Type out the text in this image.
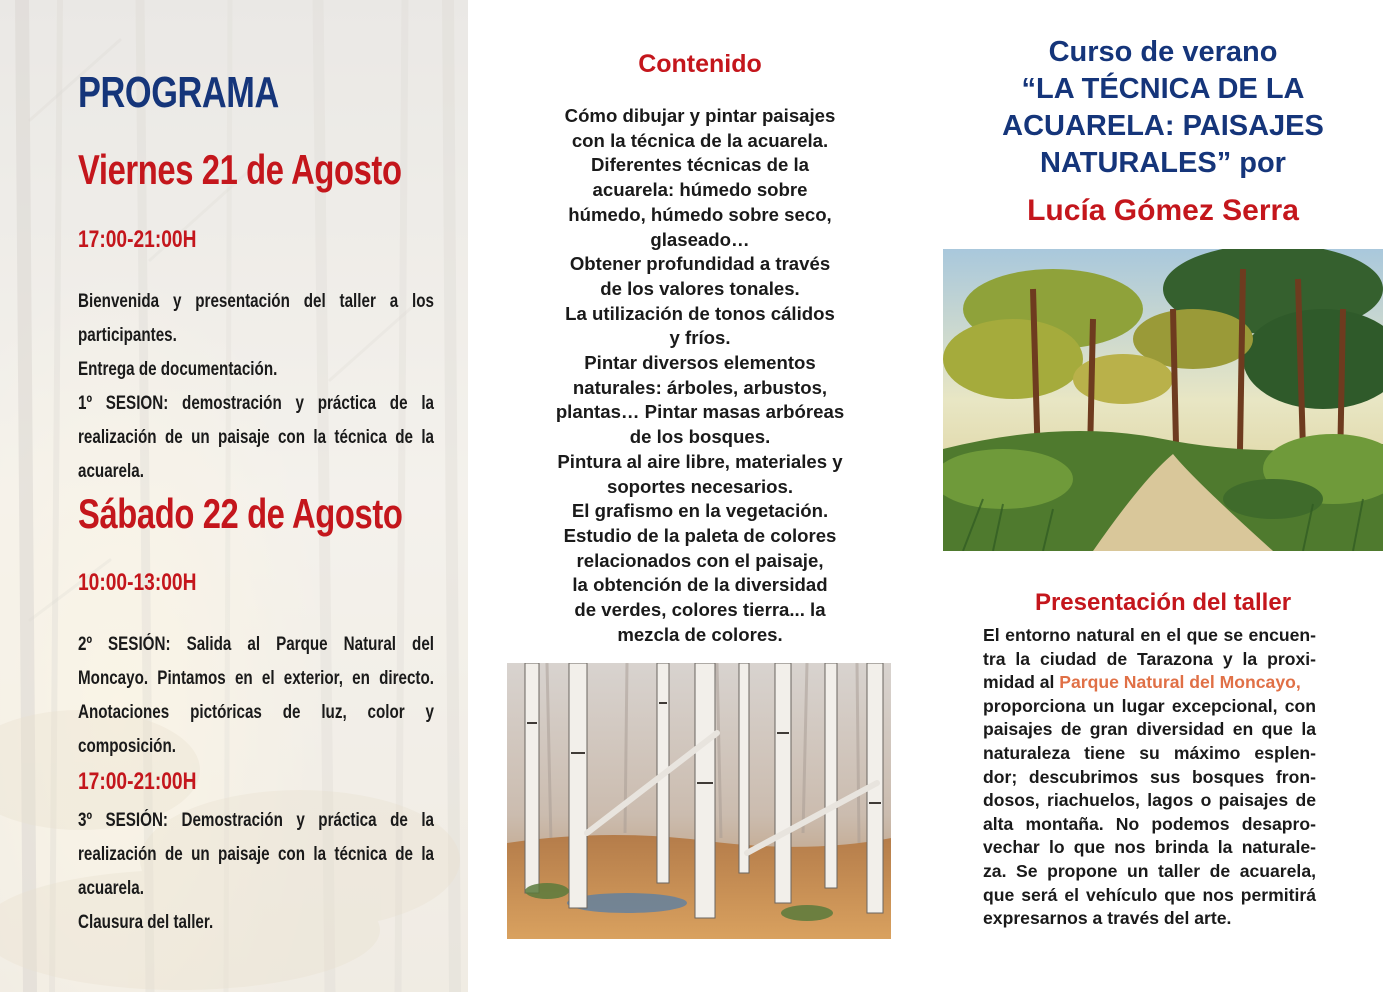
PROGRAMA
Viernes 21 de Agosto
17:00-21:00H

Bienvenida y presentación del taller a los participantes.

Entrega de documentación.

1º SESION: demostración y práctica de la realización de un paisaje con la técnica de la acuarela.

Sábado 22 de Agosto
10:00-13:00H

2º SESIÓN: Salida al Parque Natural del Moncayo. Pintamos en el exterior, en directo. Anotaciones pictóricas de luz, color y composición.

17:00-21:00H

3º SESIÓN: Demostración y práctica de la realización de un paisaje con la técnica de la acuarela.

Clausura del taller.

Contenido
Cómo dibujar y pintar paisajes
con la técnica de la acuarela.
Diferentes técnicas de la
acuarela: húmedo sobre
húmedo, húmedo sobre seco,
glaseado…
Obtener profundidad a través
de los valores tonales.
La utilización de tonos cálidos
y fríos.
Pintar diversos elementos
naturales: árboles, arbustos,
plantas… Pintar masas arbóreas
de los bosques.
Pintura al aire libre, materiales y
soportes necesarios.
El grafismo en la vegetación.
Estudio de la paleta de colores
relacionados con el paisaje,
la obtención de la diversidad
de verdes, colores tierra... la
mezcla de colores.
Curso de verano
“LA TÉCNICA DE LA
ACUARELA: PAISAJES
NATURALES” por
Lucía Gómez Serra
Presentación del taller
El entorno natural en el que se encuen-
tra la ciudad de Tarazona y la proxi-
midad al Parque Natural del Moncayo,
proporciona un lugar excepcional, con
paisajes de gran diversidad en que la
naturaleza tiene su máximo esplen-
dor; descubrimos sus bosques fron-
dosos, riachuelos, lagos o paisajes de
alta montaña. No podemos desapro-
vechar lo que nos brinda la naturale-
za. Se propone un taller de acuarela,
que será el vehículo que nos permitirá
expresarnos a través del arte.
